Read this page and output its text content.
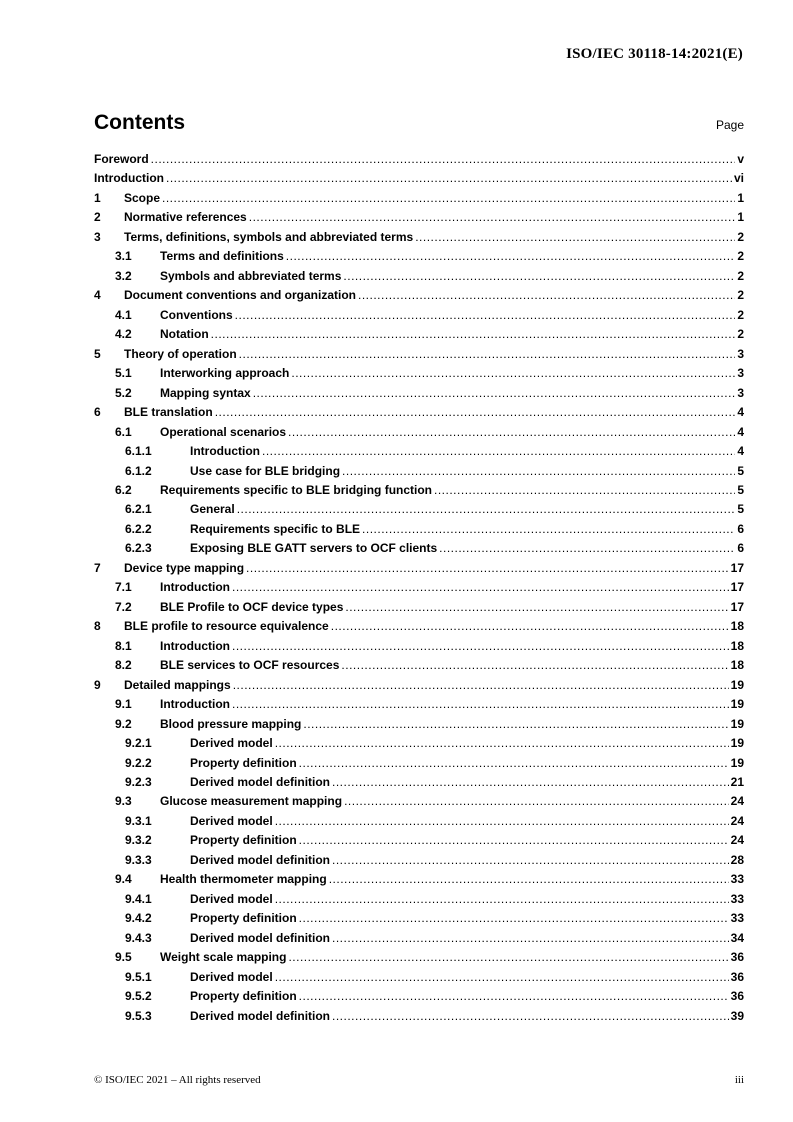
ISO/IEC 30118-14:2021(E)
Contents	Page
Foreword .....	v
Introduction .....	vi
1	Scope .....	1
2	Normative references .....	1
3	Terms, definitions, symbols and abbreviated terms .....	2
3.1	Terms and definitions .....	2
3.2	Symbols and abbreviated terms .....	2
4	Document conventions and organization .....	2
4.1	Conventions .....	2
4.2	Notation .....	2
5	Theory of operation .....	3
5.1	Interworking approach .....	3
5.2	Mapping syntax .....	3
6	BLE translation .....	4
6.1	Operational scenarios .....	4
6.1.1	Introduction .....	4
6.1.2	Use case for BLE bridging .....	5
6.2	Requirements specific to BLE bridging function .....	5
6.2.1	General .....	5
6.2.2	Requirements specific to BLE .....	6
6.2.3	Exposing BLE GATT servers to OCF clients .....	6
7	Device type mapping .....	17
7.1	Introduction .....	17
7.2	BLE Profile to OCF device types .....	17
8	BLE profile to resource equivalence .....	18
8.1	Introduction .....	18
8.2	BLE services to OCF resources .....	18
9	Detailed mappings .....	19
9.1	Introduction .....	19
9.2	Blood pressure mapping .....	19
9.2.1	Derived model .....	19
9.2.2	Property definition .....	19
9.2.3	Derived model definition .....	21
9.3	Glucose measurement mapping .....	24
9.3.1	Derived model .....	24
9.3.2	Property definition .....	24
9.3.3	Derived model definition .....	28
9.4	Health thermometer mapping .....	33
9.4.1	Derived model .....	33
9.4.2	Property definition .....	33
9.4.3	Derived model definition .....	34
9.5	Weight scale mapping .....	36
9.5.1	Derived model .....	36
9.5.2	Property definition .....	36
9.5.3	Derived model definition .....	39
© ISO/IEC 2021 – All rights reserved	iii
